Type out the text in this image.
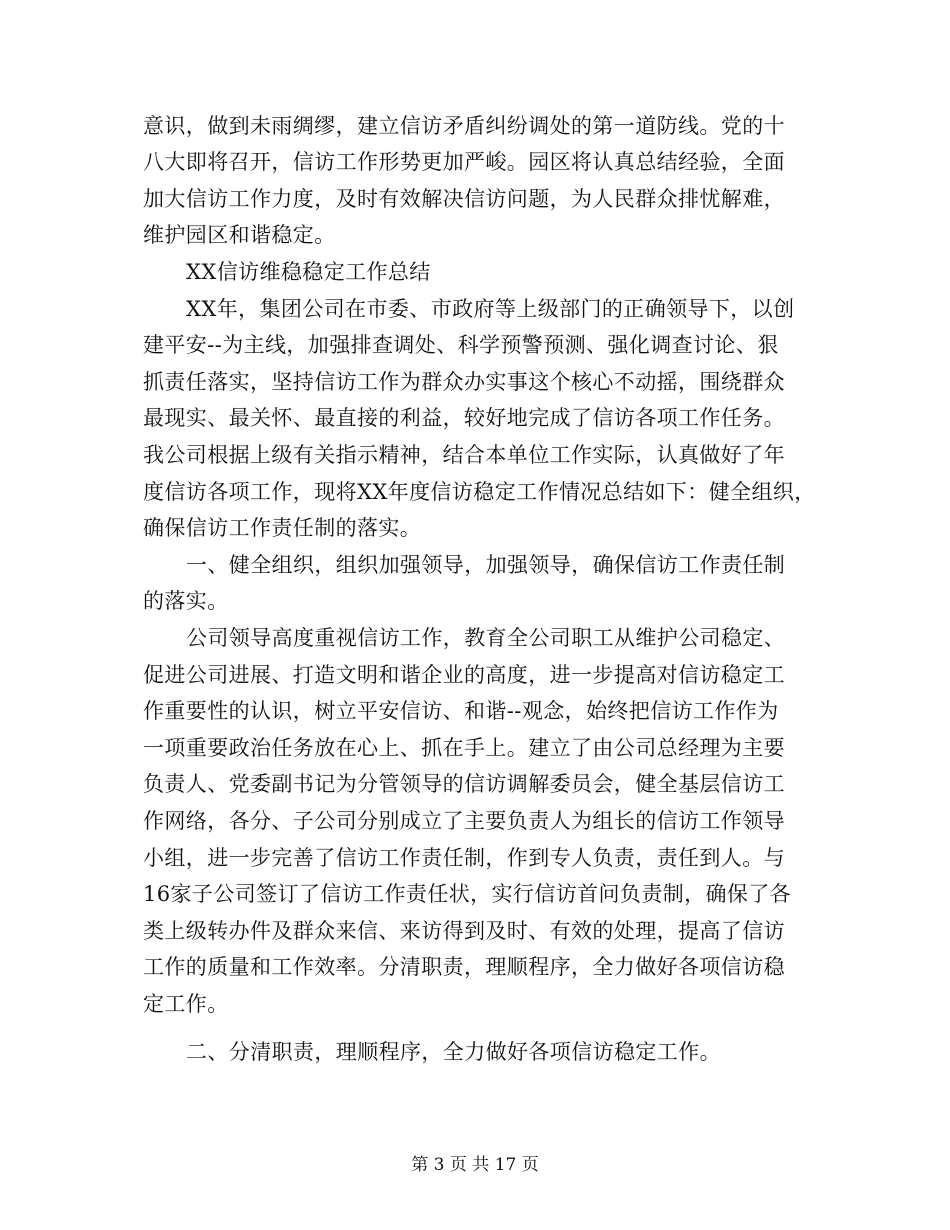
意识，做到未雨绸缪，建立信访矛盾纠纷调处的第一道防线。党的十
八大即将召开，信访工作形势更加严峻。园区将认真总结经验，全面
加大信访工作力度，及时有效解决信访问题，为人民群众排忧解难，
维护园区和谐稳定。
XX信访维稳稳定工作总结
XX年，集团公司在市委、市政府等上级部门的正确领导下，以创
建平安--为主线，加强排查调处、科学预警预测、强化调查讨论、狠
抓责任落实，坚持信访工作为群众办实事这个核心不动摇，围绕群众
最现实、最关怀、最直接的利益，较好地完成了信访各项工作任务。
我公司根据上级有关指示精神，结合本单位工作实际，认真做好了年
度信访各项工作，现将XX年度信访稳定工作情况总结如下：健全组织，
确保信访工作责任制的落实。
一、健全组织，组织加强领导，加强领导，确保信访工作责任制
的落实。
公司领导高度重视信访工作，教育全公司职工从维护公司稳定、
促进公司进展、打造文明和谐企业的高度，进一步提高对信访稳定工
作重要性的认识，树立平安信访、和谐--观念，始终把信访工作作为
一项重要政治任务放在心上、抓在手上。建立了由公司总经理为主要
负责人、党委副书记为分管领导的信访调解委员会，健全基层信访工
作网络，各分、子公司分别成立了主要负责人为组长的信访工作领导
小组，进一步完善了信访工作责任制，作到专人负责，责任到人。与
16家子公司签订了信访工作责任状，实行信访首问负责制，确保了各
类上级转办件及群众来信、来访得到及时、有效的处理，提高了信访
工作的质量和工作效率。分清职责，理顺程序，全力做好各项信访稳
定工作。
二、分清职责，理顺程序，全力做好各项信访稳定工作。
第 3 页 共 17 页
